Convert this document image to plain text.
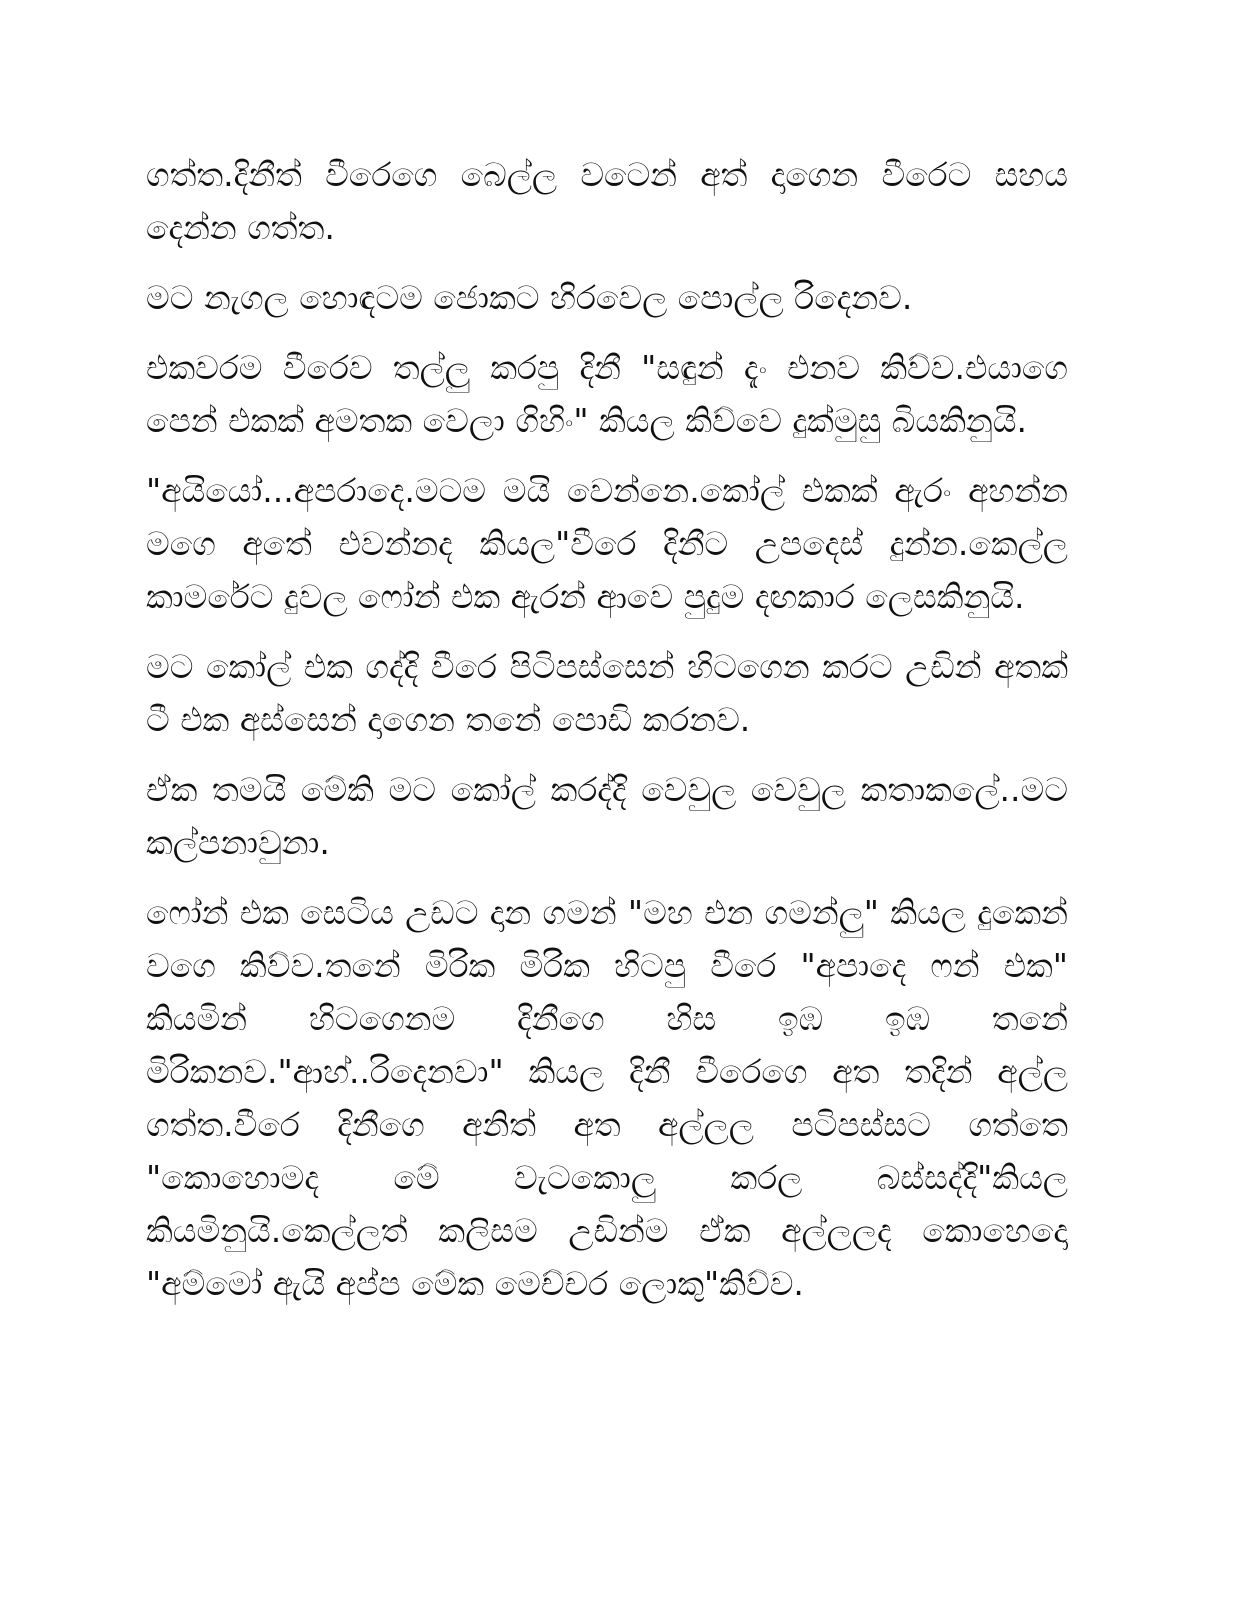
ගත්ත.දිනීත් වීරෙගෙ බෙල්ල වටෙන් අත් දාගෙන වීරෙට සහය දෙන්න ගත්ත.

මට නැගල හොඳටම ජොකට හිරවෙල පොල්ල රිදෙනව.

එකවරම වීරෙව තල්ලු කරපු දිනී "සඳුන් දැං එනව කිව්ව.එයාගෙ පෙන් එකක් අමතක වෙලා ගිහිං" කියල කිව්වෙ දුක්මුසු බියකිනුයි.

"අයියෝ...අපරාදෙ.මටම මයි වෙන්නෙ.කෝල් එකක් ඇරං අහන්න මගෙ අතේ එවන්නද කියල"වීරෙ දිනීට උපදෙස් දුන්න.කෙල්ල කාමරේට දුවල ෆෝන් එක ඇරන් ආවෙ පුදුම දඟකාර ලෙසකිනුයි.

මට කෝල් එක ගද්දි වීරෙ පිටිපස්සෙන් හිටගෙන කරට උඩින් අතක් ටී එක අස්සෙන් දාගෙන තනේ පොඩි කරනව.

ඒක තමයි මේකි මට කෝල් කරද්දි වෙවුල වෙවුල කතාකලේ..මට කල්පනාවුනා.

ෆෝන් එක සෙටිය උඩට දාන ගමන් "මහ එන ගමන්ලු" කියල දුකෙන් වගෙ කිව්ව.තනේ මිරික මිරික හිටපු වීරෙ "අපාදෙ ෆන් එක" කියමින් හිටගෙනම දිනීගෙ හිස ඉඹ ඉඹ තනේ මිරිකනව."ආහ්..රිදෙනවා" කියල දිනී වීරෙගෙ අත තදින් අල්ල ගත්ත.වීරෙ දිනීගෙ අනිත් අත අල්ලල පටිපස්සට ගත්තෙ "කොහොමද මේ වැටකොලු කරල බස්සද්දි"කියල කියමිනුයි.කෙල්ලත් කලිසම උඩින්ම ඒක අල්ලලද කොහෙදො "අම්මෝ ඇයි අප්ප මේක මෙච්චර ලොකු"කිව්ව.
